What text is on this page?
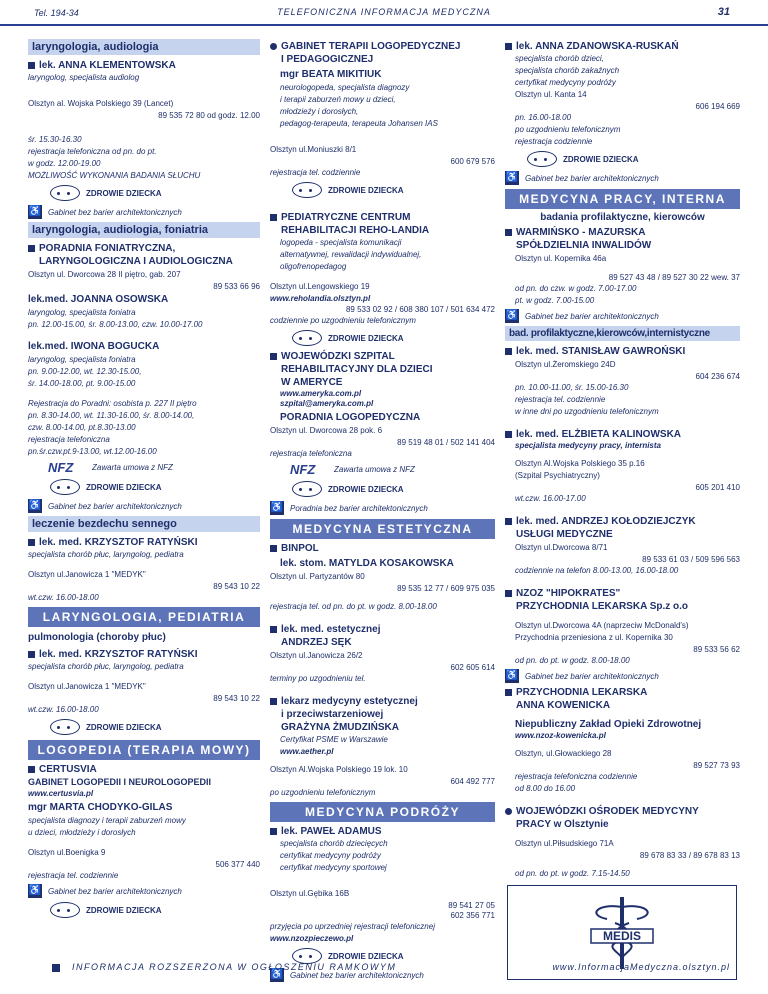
Tel. 194-34	TELEFONICZNA INFORMACJA MEDYCZNA	31
laryngologia, audiologia
lek. ANNA KLEMENTOWSKA
laryngolog, specjalista audiolog
Olsztyn al. Wojska Polskiego 39 (Lancet)
89 535 72 80 od godz. 12.00
śr. 15.30-16.30
rejestracja telefoniczna od pn. do pt.
w godz. 12.00-19.00
MOŻLIWOŚĆ WYKONANIA BADANIA SŁUCHU
ZDROWIE DZIECKA
♿ Gabinet bez barier architektonicznych
laryngologia, audiologia, foniatria
PORADNIA FONIATRYCZNA,
LARYNGOLOGICZNA I AUDIOLOGICZNA
Olsztyn ul. Dworcowa 28 II piętro, gab. 207
89 533 66 96
lek.med. JOANNA OSOWSKA
laryngolog, specjalista foniatra
pn. 12.00-15.00, śr. 8.00-13.00, czw. 10.00-17.00
lek.med. IWONA BOGUCKA
laryngolog, specjalista foniatra
pn. 9.00-12.00, wt. 12.30-15.00,
śr. 14.00-18.00, pt. 9.00-15.00
Rejestracja do Poradni: osobista p. 227 II piętro
pn. 8.30-14.00, wt. 11.30-16.00, śr. 8.00-14.00,
czw. 8.00-14.00, pt.8.30-13.00
rejestracja telefoniczna
pn.śr.czw.pt.9-13.00, wt.12.00-16.00
NFZ Zawarta umowa z NFZ
ZDROWIE DZIECKA
♿ Gabinet bez barier architektonicznych
leczenie bezdechu sennego
lek. med. KRZYSZTOF RATYŃSKI
specjalista chorób płuc, laryngolog, pediatra
Olsztyn ul.Janowicza 1 "MEDYK"
89 543 10 22
wt.czw. 16.00-18.00
LARYNGOLOGIA, PEDIATRIA
pulmonologia (choroby płuc)
lek. med. KRZYSZTOF RATYŃSKI
specjalista chorób płuc, laryngolog, pediatra
Olsztyn ul.Janowicza 1 "MEDYK"
89 543 10 22
wt.czw. 16.00-18.00
ZDROWIE DZIECKA
LOGOPEDIA (TERAPIA MOWY)
CERTUSVIA
GABINET LOGOPEDII I NEUROLOGOPEDII
www.certusvia.pl
mgr MARTA CHODYKO-GILAS
specjalista diagnozy i terapii zaburzeń mowy
u dzieci, młodzieży i dorosłych
Olsztyn ul.Boenigka 9
506 377 440
rejestracja tel. codziennie
♿ Gabinet bez barier architektonicznych
ZDROWIE DZIECKA
GABINET TERAPII LOGOPEDYCZNEJ
I PEDAGOGICZNEJ
mgr BEATA MIKITIUK
neurologopeda, specjalista diagnozy
i terapii zaburzeń mowy u dzieci,
młodzieży i dorosłych,
pedagog-terapeuta, terapeuta Johansen IAS
Olsztyn ul.Moniuszki 8/1
600 679 576
rejestracja tel. codziennie
ZDROWIE DZIECKA
PEDIATRYCZNE CENTRUM
REHABILITACJI REHO-LANDIA
logopeda - specjalista komunikacji
alternatywnej, rewalidacji indywidualnej,
oligofrenopedagog
Olsztyn ul.Lengowskiego 19
www.reholandia.olsztyn.pl
89 533 02 92 / 608 380 107 / 501 634 472
codziennie po uzgodnieniu telefonicznym
ZDROWIE DZIECKA
WOJEWÓDZKI SZPITAL
REHABILITACYJNY DLA DZIECI
W AMERYCE
www.ameryka.com.pl
szpital@ameryka.com.pl
PORADNIA LOGOPEDYCZNA
Olsztyn ul. Dworcowa 28 pok. 6
89 519 48 01 / 502 141 404
rejestracja telefoniczna
NFZ Zawarta umowa z NFZ
ZDROWIE DZIECKA
♿ Poradnia bez barier architektonicznych
MEDYCYNA ESTETYCZNA
BINPOL
lek. stom. MATYLDA KOSAKOWSKA
Olsztyn ul. Partyzantów 80
89 535 12 77 / 609 975 035
rejestracja tel. od pn. do pt. w godz. 8.00-18.00
lek. med. estetycznej
ANDRZEJ SĘK
Olsztyn ul.Janowicza 26/2
602 605 614
terminy po uzgodnieniu tel.
lekarz medycyny estetycznej
i przeciwstarzeniowej
GRAŻYNA ŻMUDZIŃSKA
Certyfikat PSME w Warszawie
www.aether.pl
Olsztyn Al.Wojska Polskiego 19 lok. 10
604 492 777
po uzgodnieniu telefonicznym
MEDYCYNA PODRÓŻY
lek. PAWEŁ ADAMUS
specjalista chorób dziecięcych
certyfikat medycyny podróży
certyfikat medycyny sportowej
Olsztyn ul.Gębika 16B
89 541 27 05
602 356 771
przyjęcia po uprzedniej rejestracji telefonicznej
www.nzozpieczewo.pl
ZDROWIE DZIECKA
♿ Gabinet bez barier architektonicznych
lek. ANNA ZDANOWSKA-RUSKAŃ
specjalista chorób dzieci,
specjalista chorób zakaźnych
certyfikat medycyny podróży
Olsztyn ul. Kanta 14
606 194 669
pn. 16.00-18.00
po uzgodnieniu telefonicznym
rejestracja codziennie
ZDROWIE DZIECKA
♿ Gabinet bez barier architektonicznych
MEDYCYNA PRACY, INTERNA
badania profilaktyczne, kierowców
WARMIŃSKO - MAZURSKA
SPÓŁDZIELNIA INWALIDÓW
Olsztyn ul. Kopernika 46a
89 527 43 48 / 89 527 30 22 wew. 37
od pn. do czw. w godz. 7.00-17.00
pt. w godz. 7.00-15.00
♿ Gabinet bez barier architektonicznych
bad. profilaktyczne,kierowców,internistyczne
lek. med. STANISŁAW GAWROŃSKI
Olsztyn ul.Żeromskiego 24D
604 236 674
pn. 10.00-11.00, śr. 15.00-16.30
rejestracja tel. codziennie
w inne dni po uzgodnieniu telefonicznym
lek. med. ELŻBIETA KALINOWSKA
specjalista medycyny pracy, internista
Olsztyn Al.Wojska Polskiego 35 p.16
(Szpital Psychiatryczny)
605 201 410
wt.czw. 16.00-17.00
lek. med. ANDRZEJ KOŁODZIEJCZYK
USŁUGI MEDYCZNE
Olsztyn ul.Dworcowa 8/71
89 533 61 03 / 509 596 563
codziennie na telefon 8.00-13.00, 16.00-18.00
NZOZ "HIPOKRATES"
PRZYCHODNIA LEKARSKA Sp.z o.o
Olsztyn ul.Dworcowa 4A (naprzeciw McDonald's)
Przychodnia przeniesiona z ul. Kopernika 30
89 533 56 62
od pn. do pt. w godz. 8.00-18.00
♿ Gabinet bez barier architektonicznych
PRZYCHODNIA LEKARSKA
ANNA KOWENICKA
Niepubliczny Zakład Opieki Zdrowotnej
www.nzoz-kowenicka.pl
Olsztyn, ul.Głowackiego 28
89 527 73 93
rejestracja telefoniczna codziennie
od 8.00 do 16.00
WOJEWÓDZKI OŚRODEK MEDYCYNY
PRACY w Olsztynie
Olsztyn ul.Piłsudskiego 71A
89 678 83 33 / 89 678 83 13
od pn. do pt. w godz. 7.15-14.50
MEDIS
INFORMACJA ROZSZERZONA W OGŁOSZENIU RAMKOWYM	www.InformacjaMedyczna.olsztyn.pl
